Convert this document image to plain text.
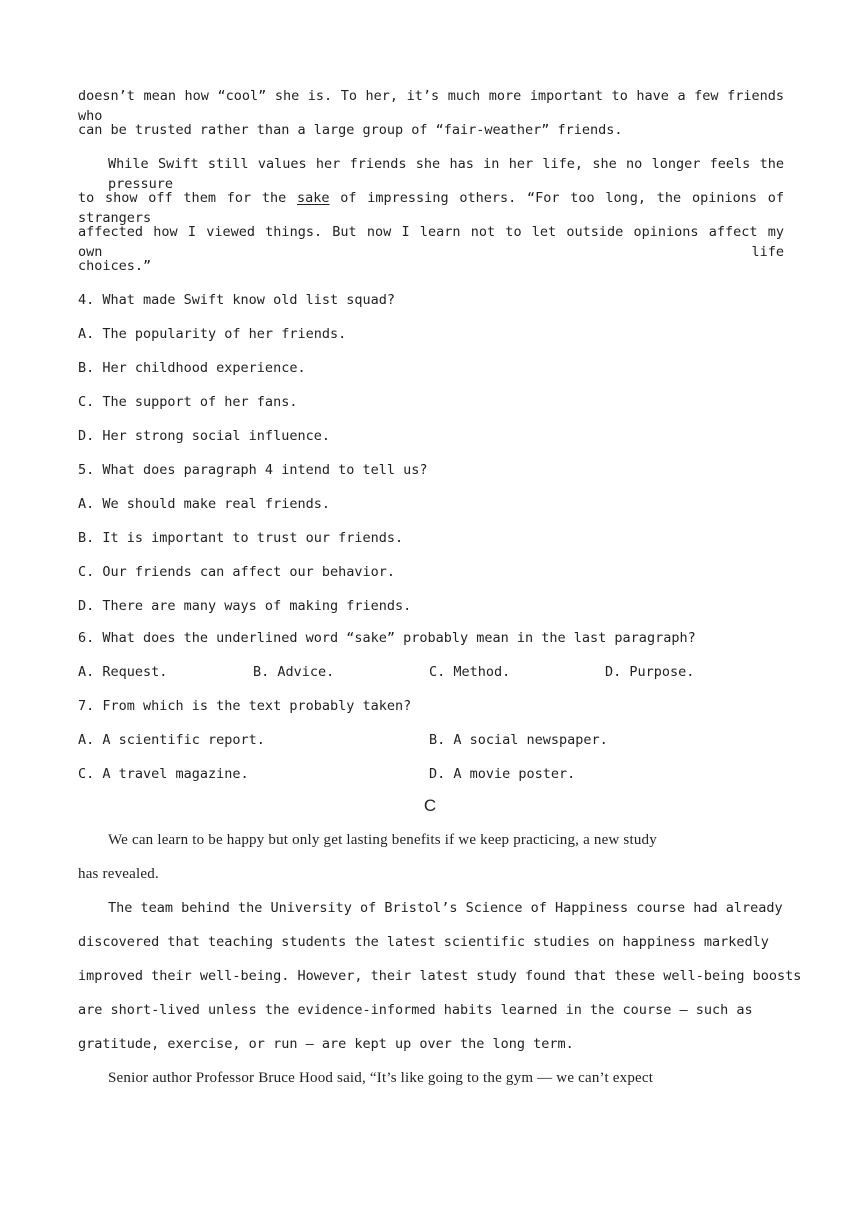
doesn’t mean how “cool” she is. To her, it’s much more important to have a few friends who
can be trusted rather than a large group of “fair-weather” friends.
While Swift still values her friends she has in her life, she no longer feels the pressure
to show off them for the sake of impressing others. “For too long, the opinions of strangers
affected how I viewed things. But now I learn not to let outside opinions affect my own life
choices.”
4. What made Swift know old list squad?
A. The popularity of her friends.
B. Her childhood experience.
C. The support of her fans.
D. Her strong social influence.
5. What does paragraph 4 intend to tell us?
A. We should make real friends.
B. It is important to trust our friends.
C. Our friends can affect our behavior.
D. There are many ways of making friends.
6. What does the underlined word “sake” probably mean in the last paragraph?
A. Request.	B. Advice.	C. Method.	D. Purpose.
7. From which is the text probably taken?
A. A scientific report.	B. A social newspaper.
C. A travel magazine.	D. A movie poster.
C
We can learn to be happy but only get lasting benefits if we keep practicing, a new study
has revealed.
The team behind the University of Bristol’s Science of Happiness course had already
discovered that teaching students the latest scientific studies on happiness markedly
improved their well-being. However, their latest study found that these well-being boosts
are short-lived unless the evidence-informed habits learned in the course — such as
gratitude, exercise, or run — are kept up over the long term.
Senior author Professor Bruce Hood said, “It’s like going to the gym — we can’t expect
